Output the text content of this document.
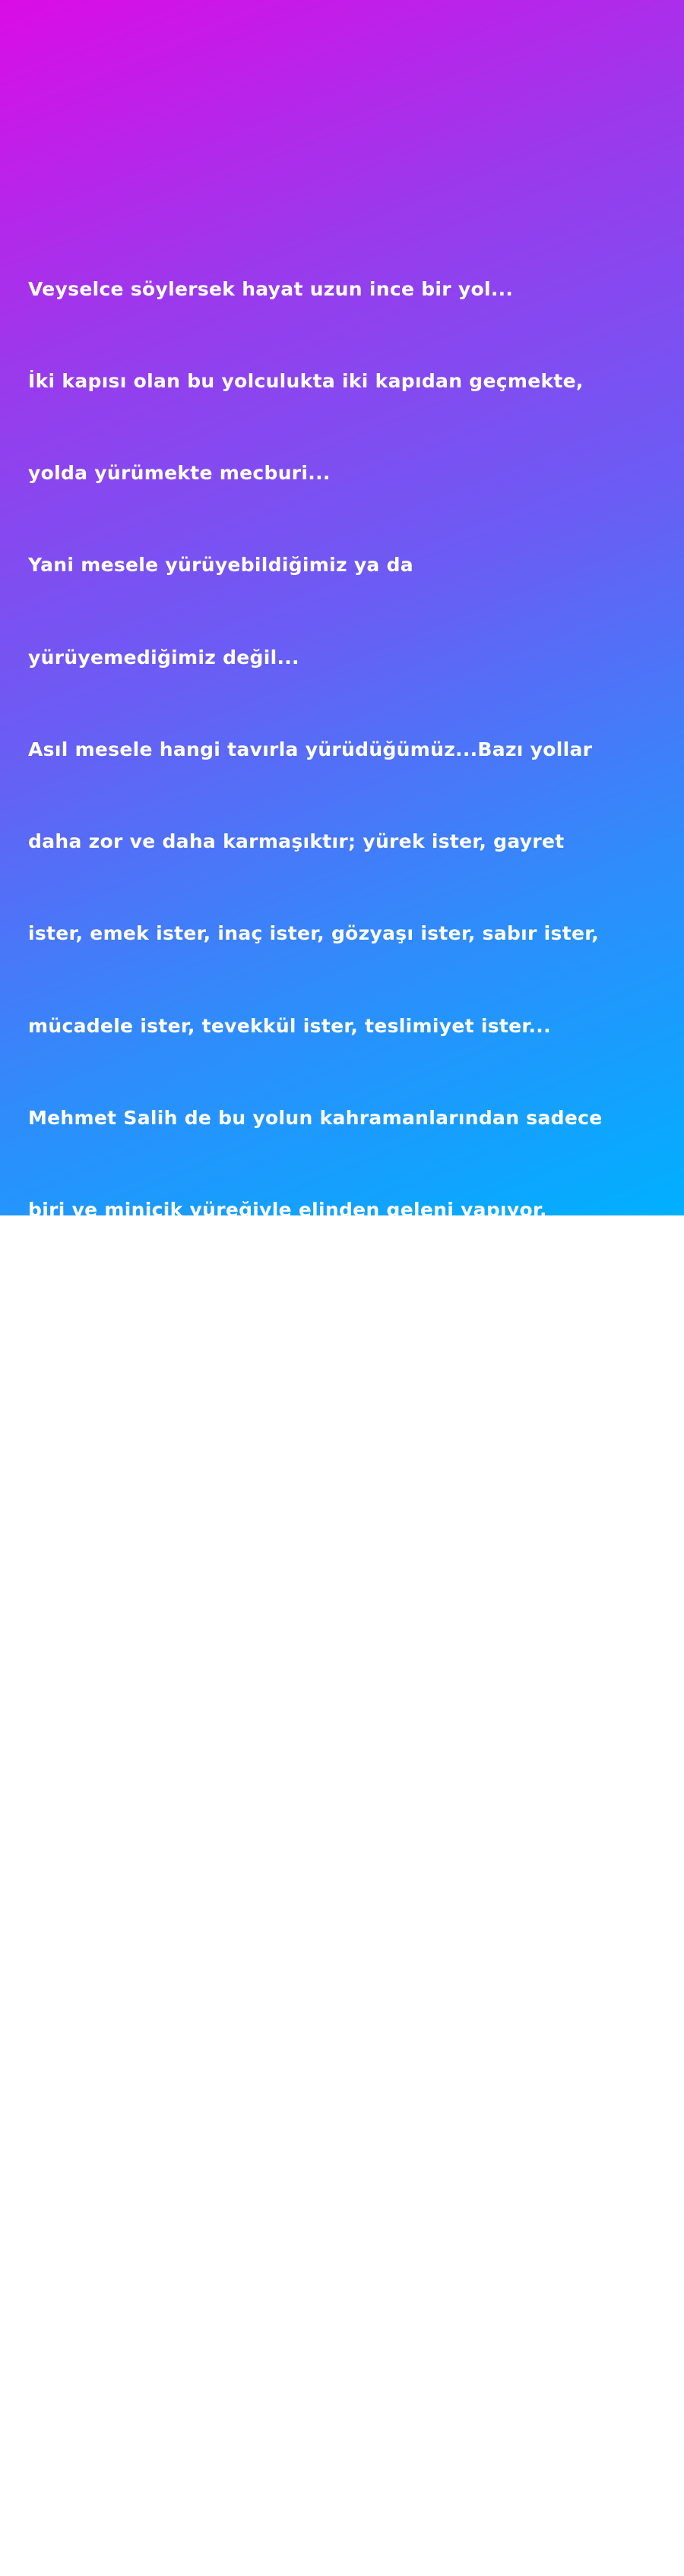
Veyselce söylersek hayat uzun ince bir yol...

İki kapısı olan bu yolculukta iki kapıdan geçmekte,

yolda yürümekte mecburi...

Yani mesele yürüyebildiğimiz ya da

yürüyemediğimiz değil...

Asıl mesele hangi tavırla yürüdüğümüz...Bazı yollar

daha zor ve daha karmaşıktır; yürek ister, gayret

ister, emek ister, inaç ister, gözyaşı ister, sabır ister,

mücadele ister, tevekkül ister, teslimiyet ister...

Mehmet Salih de bu yolun kahramanlarından sadece

biri ve minicik yüreğiyle elinden geleni yapıyor,

yolunda emin adımlarla yürüyor.

Şuan yolculuğun önemli virajlarından biriyle daha

karşı karşıyayız. Doktorumuz önümüzdeki haziran

ayında başlayacak ve en az 6 ay sürecek, toplamda

üç ameliyattan oluşan bir tedavi süreci planlıyor.

Ameliyatlar Dubai'de gerçekleşecek. Bu

ameliyatlarda hedeflenen,  sol bacağımızdaki

kısalığın giderilmesi ve sol ayak bileğindeki

deformitenin düzeltilmesi...

Mehmet Salih'in tedavisi uzun soluklu ve komplike

bir tedavi. Yani tek bir müdahale ile tamam olacak

bir tedavi değil. Yavrumuzun fiziksel gelişimi devam

ettiği sürece, gerekli görüldükçe ameliyatlarımız

olacak.
